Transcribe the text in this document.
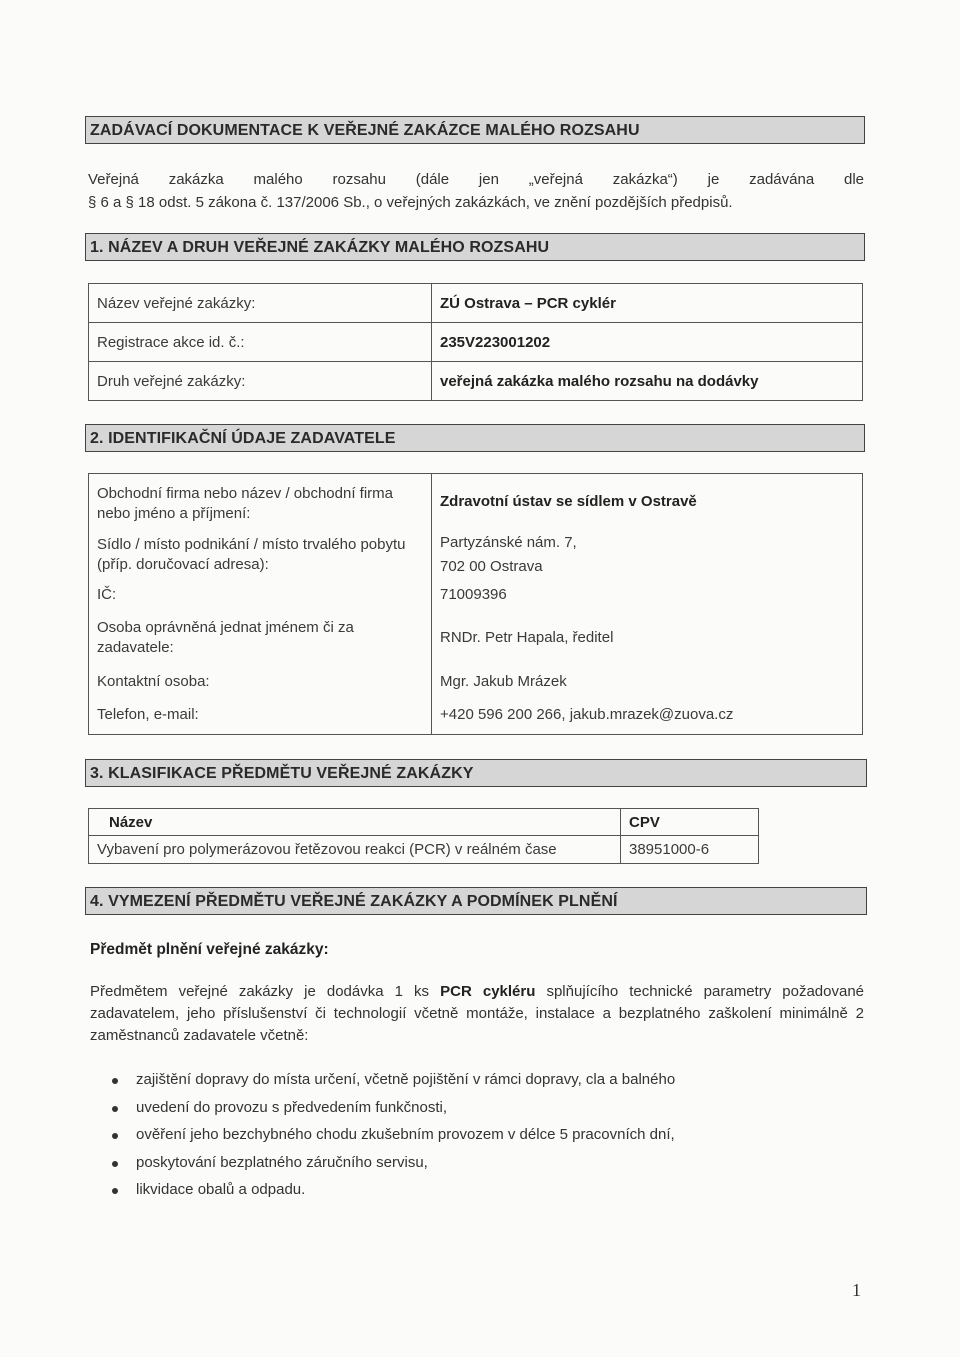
ZADÁVACÍ DOKUMENTACE K VEŘEJNÉ ZAKÁZCE MALÉHO ROZSAHU
Veřejná zakázka malého rozsahu (dále jen „veřejná zakázka“) je zadávána dle
§ 6 a § 18 odst. 5 zákona č. 137/2006 Sb., o veřejných zakázkách, ve znění pozdějších předpisů.
1. NÁZEV A DRUH VEŘEJNÉ ZAKÁZKY MALÉHO ROZSAHU
Název veřejné zakázky:	ZÚ Ostrava – PCR cyklér
Registrace akce id. č.:	235V223001202
Druh veřejné zakázky:	veřejná zakázka malého rozsahu na dodávky
2. IDENTIFIKAČNÍ ÚDAJE ZADAVATELE
Obchodní firma nebo název / obchodní firma nebo jméno a příjmení:	Zdravotní ústav se sídlem v Ostravě
Sídlo / místo podnikání / místo trvalého pobytu (příp. doručovací adresa):	Partyzánské nám. 7,
702 00 Ostrava

IČ:	71009396
Osoba oprávněná jednat jménem či za zadavatele:	RNDr. Petr Hapala, ředitel
Kontaktní osoba:	Mgr. Jakub Mrázek
Telefon, e-mail:	+420 596 200 266, jakub.mrazek@zuova.cz
3. KLASIFIKACE PŘEDMĚTU VEŘEJNÉ ZAKÁZKY
Název	CPV
Vybavení pro polymerázovou řetězovou reakci (PCR) v reálném čase	38951000-6
4. VYMEZENÍ PŘEDMĚTU VEŘEJNÉ ZAKÁZKY A PODMÍNEK PLNĚNÍ
Předmět plnění veřejné zakázky:
Předmětem veřejné zakázky je dodávka 1 ks PCR cykléru splňujícího technické parametry požadované zadavatelem, jeho příslušenství či technologií včetně montáže, instalace a bezplatného zaškolení minimálně 2 zaměstnanců zadavatele včetně:
zajištění dopravy do místa určení, včetně pojištění v rámci dopravy, cla a balného
uvedení do provozu s předvedením funkčnosti,
ověření jeho bezchybného chodu zkušebním provozem v délce 5 pracovních dní,
poskytování bezplatného záručního servisu,
likvidace obalů a odpadu.
1
